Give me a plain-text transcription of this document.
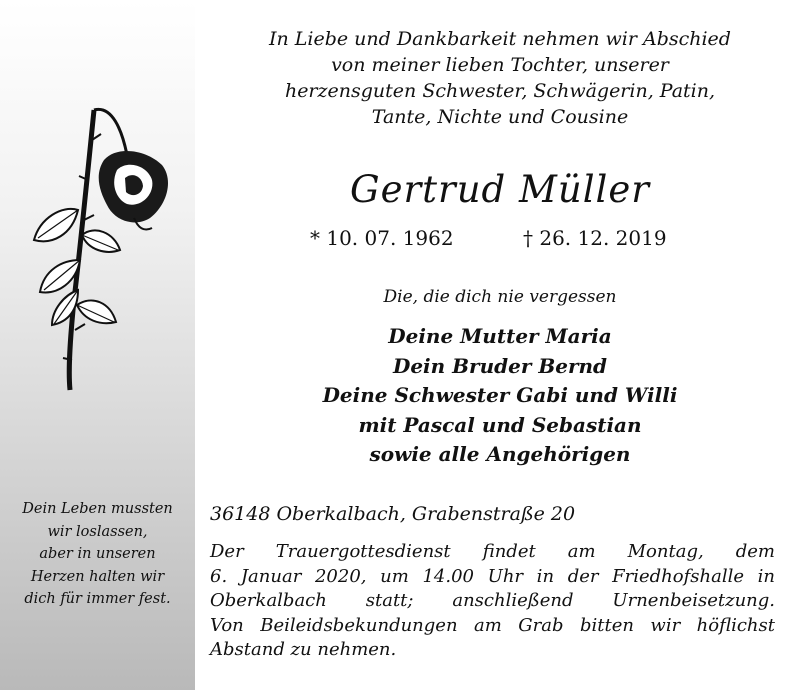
Dein Leben mussten
wir loslassen,
aber in unseren
Herzen halten wir
dich für immer fest.
In Liebe und Dankbarkeit nehmen wir Abschied
von meiner lieben Tochter, unserer
herzensguten Schwester, Schwägerin, Patin,
Tante, Nichte und Cousine
Gertrud Müller
* 10. 07. 1962	† 26. 12. 2019
Die, die dich nie vergessen
Deine Mutter Maria
Dein Bruder Bernd
Deine Schwester Gabi und Willi
mit Pascal und Sebastian
sowie alle Angehörigen
36148 Oberkalbach, Grabenstraße 20
Der Trauergottesdienst findet am Montag, dem
6. Januar 2020, um 14.00 Uhr in der Friedhofshalle in
Oberkalbach statt; anschließend Urnenbeisetzung.
Von Beileidsbekundungen am Grab bitten wir höflichst
Abstand zu nehmen.
